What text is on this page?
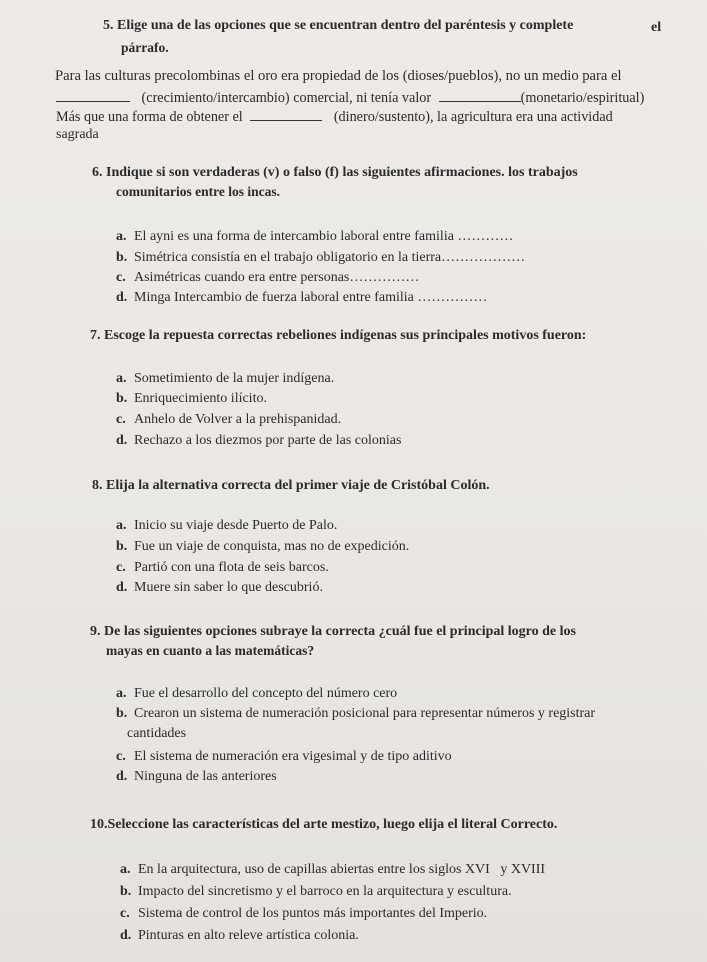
5. Elige una de las opciones que se encuentran dentro del paréntesis y complete	el
párrafo.
Para las culturas precolombinas el oro era propiedad de los (dioses/pueblos), no un medio para el
(crecimiento/intercambio) comercial, ni tenía valor	(monetario/espiritual)
Más que una forma de obtener el	(dinero/sustento), la agricultura era una actividad
sagrada
6. Indique si son verdaderas (v) o falso (f) las siguientes afirmaciones. los trabajos
comunitarios entre los incas.
a. El ayni es una forma de intercambio laboral entre familia …………
b. Simétrica consistía en el trabajo obligatorio en la tierra………………
c. Asimétricas cuando era entre personas……………
d. Minga Intercambio de fuerza laboral entre familia ……………
7. Escoge la repuesta correctas rebeliones indígenas sus principales motivos fueron:
a. Sometimiento de la mujer indígena.
b. Enriquecimiento ilícito.
c. Anhelo de Volver a la prehispanidad.
d. Rechazo a los diezmos por parte de las colonias
8. Elija la alternativa correcta del primer viaje de Cristóbal Colón.
a. Inicio su viaje desde Puerto de Palo.
b. Fue un viaje de conquista, mas no de expedición.
c. Partió con una flota de seis barcos.
d. Muere sin saber lo que descubrió.
9. De las siguientes opciones subraye la correcta ¿cuál fue el principal logro de los
mayas en cuanto a las matemáticas?
a. Fue el desarrollo del concepto del número cero
b. Crearon un sistema de numeración posicional para representar números y registrar
cantidades
c. El sistema de numeración era vigesimal y de tipo aditivo
d. Ninguna de las anteriores
10.Seleccione las características del arte mestizo, luego elija el literal Correcto.
a. En la arquitectura, uso de capillas abiertas entre los siglos XVI   y XVIII
b. Impacto del sincretismo y el barroco en la arquitectura y escultura.
c. Sistema de control de los puntos más importantes del Imperio.
d. Pinturas en alto releve artística colonia.
